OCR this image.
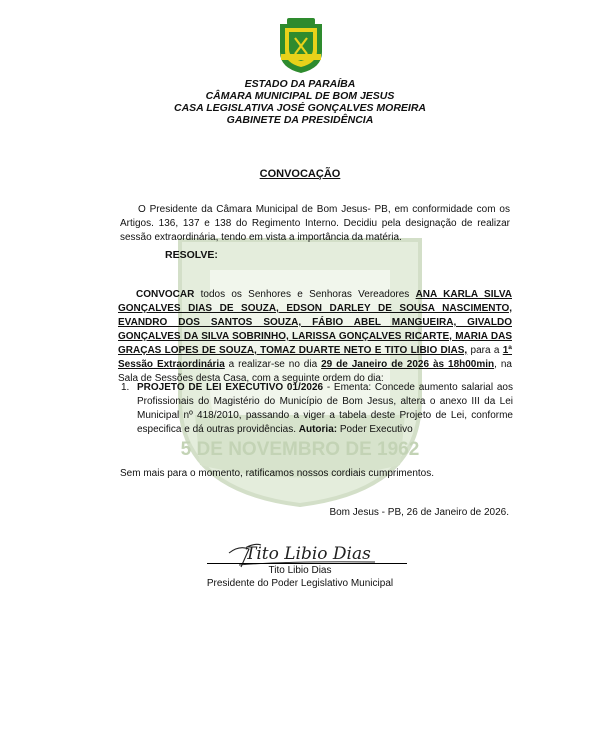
5 DE NOVEMBRO DE 1962
ESTADO DA PARAÍBA
CÂMARA MUNICIPAL DE BOM JESUS
CASA LEGISLATIVA JOSÉ GONÇALVES MOREIRA
GABINETE DA PRESIDÊNCIA
CONVOCAÇÃO
O Presidente da Câmara Municipal de Bom Jesus- PB, em conformidade com os Artigos. 136, 137 e 138 do Regimento Interno. Decidiu pela designação de realizar sessão extraordinária, tendo em vista a importância da matéria.
RESOLVE:
CONVOCAR todos os Senhores e Senhoras Vereadores ANA KARLA SILVA GONÇALVES DIAS DE SOUZA, EDSON DARLEY DE SOUSA NASCIMENTO, EVANDRO DOS SANTOS SOUZA, FÁBIO ABEL MANGUEIRA, GIVALDO GONÇALVES DA SILVA SOBRINHO, LARISSA GONÇALVES RICARTE, MARIA DAS GRAÇAS LOPES DE SOUZA, TOMAZ DUARTE NETO E TITO LIBIO DIAS, para a 1ª Sessão Extraordinária a realizar-se no dia 29 de Janeiro de 2026 às 18h00min, na Sala de Sessões desta Casa, com a seguinte ordem do dia:
1. PROJETO DE LEI EXECUTIVO 01/2026 - Ementa: Concede aumento salarial aos Profissionais do Magistério do Município de Bom Jesus, altera o anexo III da Lei Municipal nº 418/2010, passando a viger a tabela deste Projeto de Lei, conforme especifica e dá outras providências. Autoria: Poder Executivo
Sem mais para o momento, ratificamos nossos cordiais cumprimentos.
Bom Jesus - PB, 26 de Janeiro de 2026.
Tito Libio Dias
Tito Libio Dias
Presidente do Poder Legislativo Municipal
